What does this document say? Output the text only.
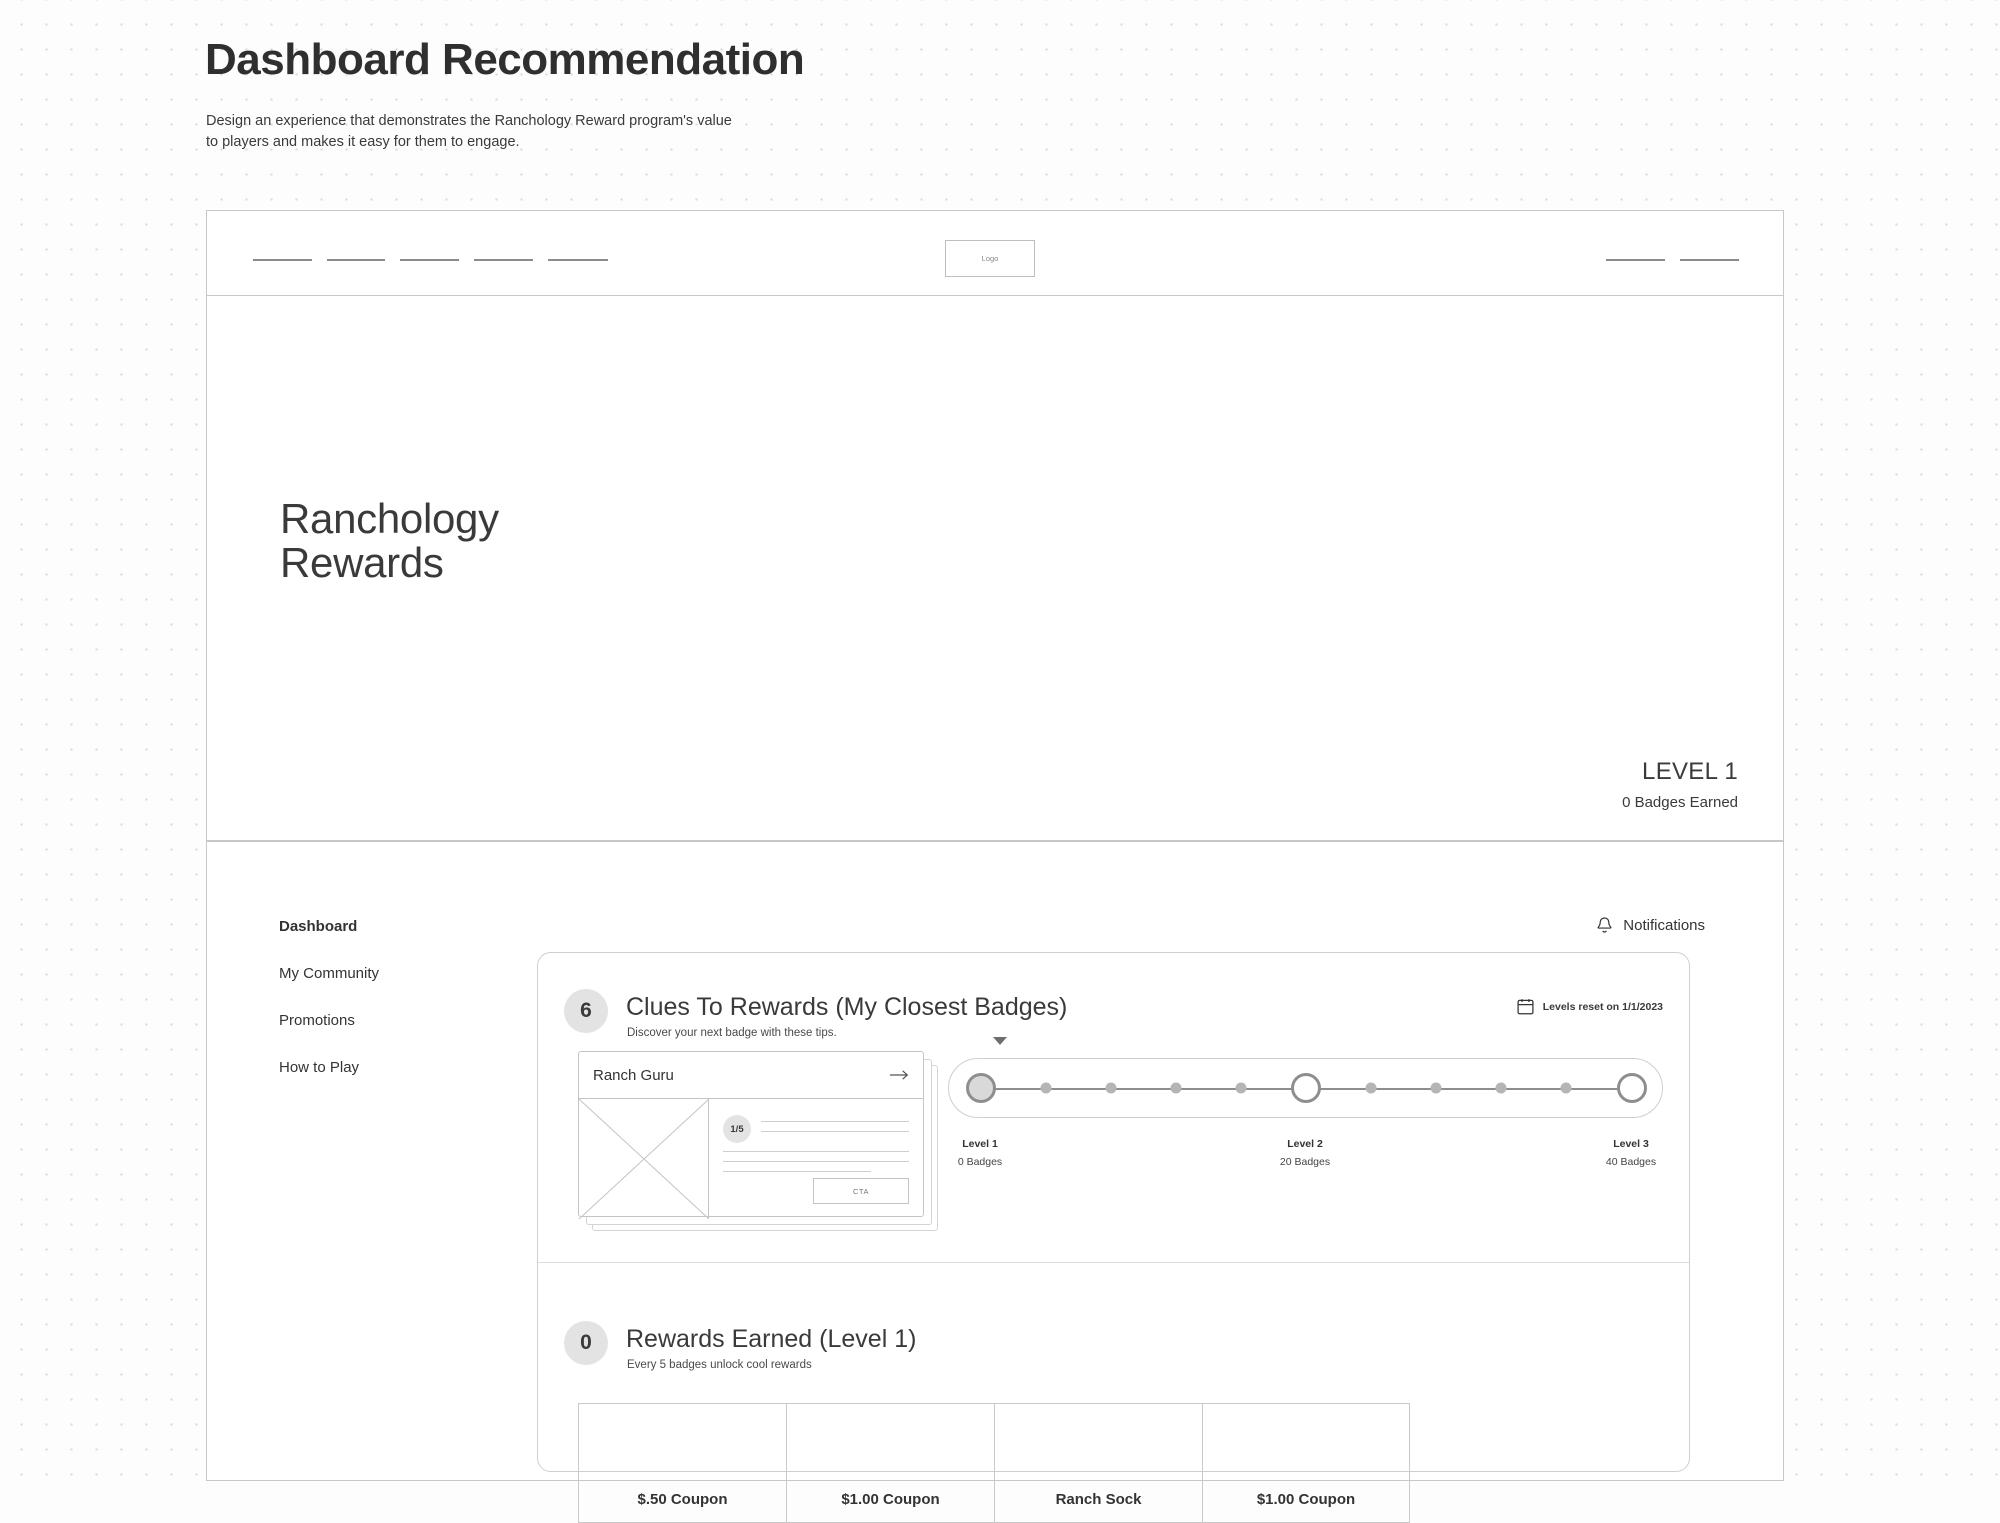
Dashboard Recommendation
Design an experience that demonstrates the Ranchology Reward program's value to players and makes it easy for them to engage.
Logo
Ranchology
Rewards
LEVEL 1
0 Badges Earned
Dashboard
My Community
Promotions
How to Play
Notifications
6	Clues To Rewards (My Closest Badges)
Discover your next badge with these tips.
Levels reset on 1/1/2023
Ranch Guru
1/5
CTA
Level 1
0 Badges
Level 2
20 Badges
Level 3
40 Badges
0	Rewards Earned (Level 1)
Every 5 badges unlock cool rewards
$.50 Coupon	$1.00 Coupon	Ranch Sock	$1.00 Coupon
